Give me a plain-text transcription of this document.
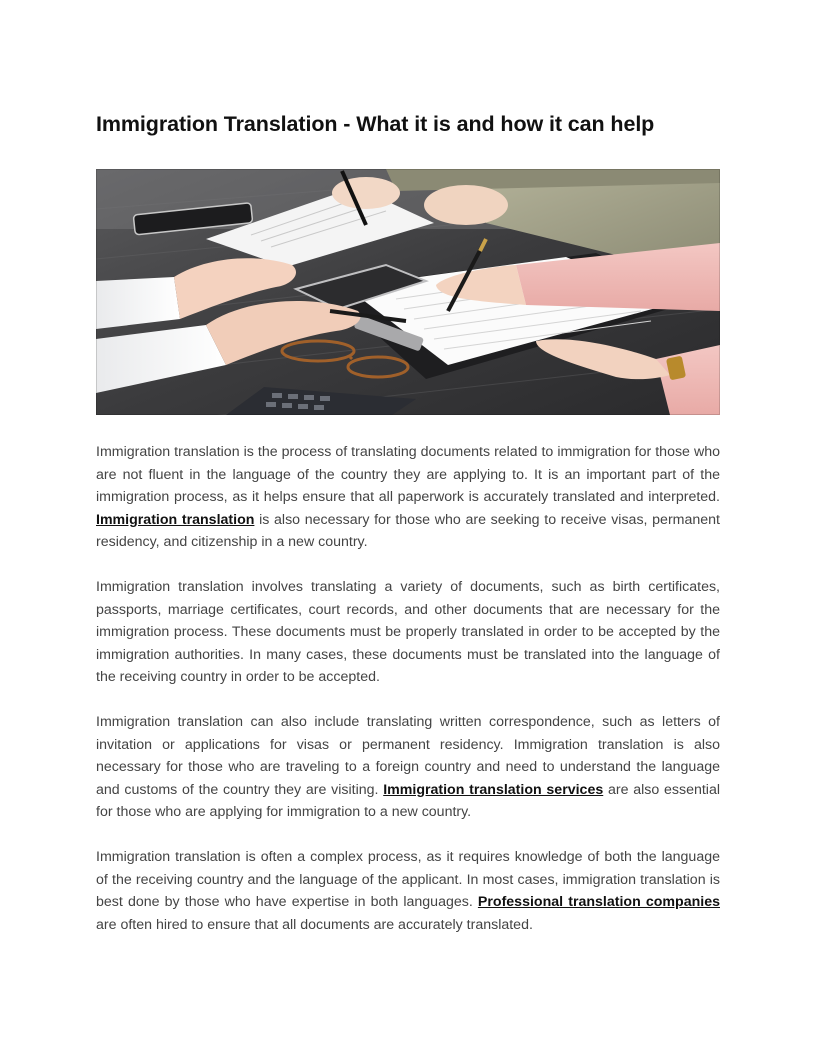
Immigration Translation - What it is and how it can help

Immigration translation is the process of translating documents related to immigration for those who are not fluent in the language of the country they are applying to. It is an important part of the immigration process, as it helps ensure that all paperwork is accurately translated and interpreted. Immigration translation is also necessary for those who are seeking to receive visas, permanent residency, and citizenship in a new country.

Immigration translation involves translating a variety of documents, such as birth certificates, passports, marriage certificates, court records, and other documents that are necessary for the immigration process. These documents must be properly translated in order to be accepted by the immigration authorities. In many cases, these documents must be translated into the language of the receiving country in order to be accepted.

Immigration translation can also include translating written correspondence, such as letters of invitation or applications for visas or permanent residency. Immigration translation is also necessary for those who are traveling to a foreign country and need to understand the language and customs of the country they are visiting. Immigration translation services are also essential for those who are applying for immigration to a new country.

Immigration translation is often a complex process, as it requires knowledge of both the language of the receiving country and the language of the applicant. In most cases, immigration translation is best done by those who have expertise in both languages. Professional translation companies are often hired to ensure that all documents are accurately translated.
